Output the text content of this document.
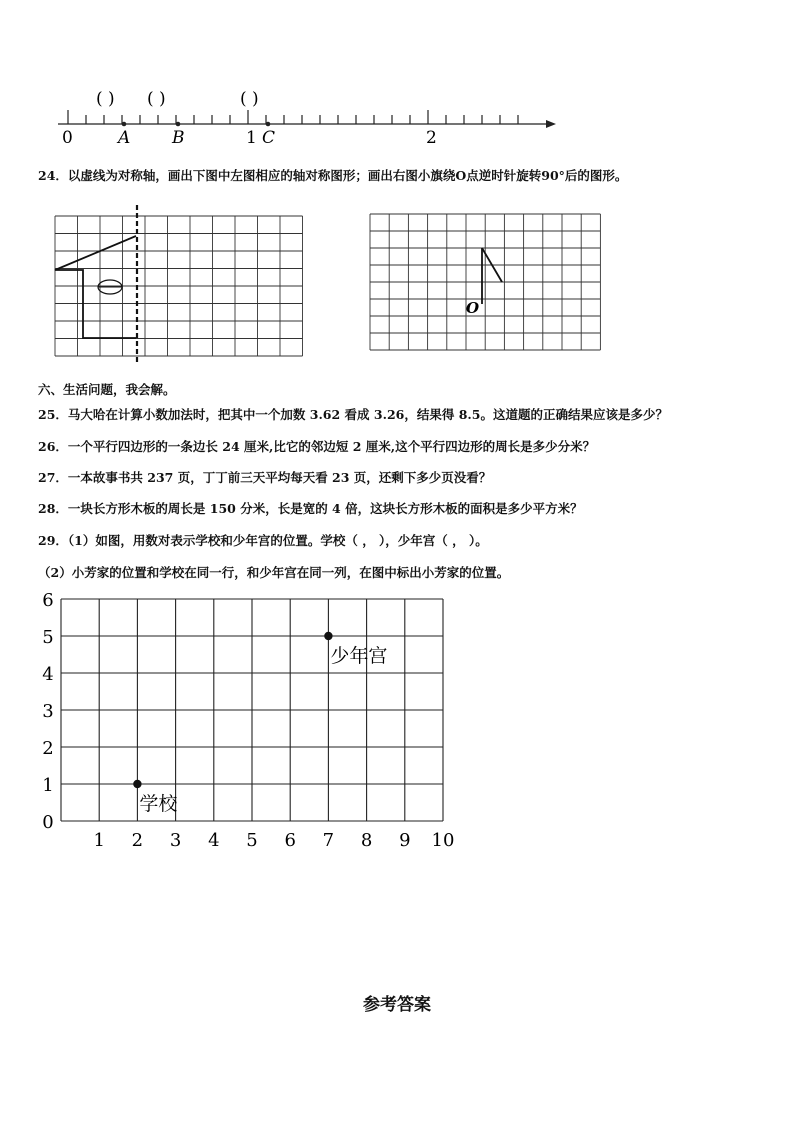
0	A B	1 C	2
( ) ( )	( )
24．以虚线为对称轴，画出下图中左图相应的轴对称图形；画出右图小旗绕O点逆时针旋转90°后的图形。
O
六、生活问题，我会解。
25．马大哈在计算小数加法时，把其中一个加数 3.62 看成 3.26，结果得 8.5。这道题的正确结果应该是多少？
26．一个平行四边形的一条边长 24 厘米,比它的邻边短 2 厘米,这个平行四边形的周长是多少分米？
27．一本故事书共 237 页，丁丁前三天平均每天看 23 页，还剩下多少页没看？
28．一块长方形木板的周长是 150 分米，长是宽的 4 倍，这块长方形木板的面积是多少平方米？
29．（1）如图，用数对表示学校和少年宫的位置。学校（ ， ），少年宫（ ， ）。
（2）小芳家的位置和学校在同一行，和少年宫在同一列，在图中标出小芳家的位置。
1 2 3 4 5 6 7 8 9 10
0
1
2
3
4
5
6
学校
少年宫
参考答案
